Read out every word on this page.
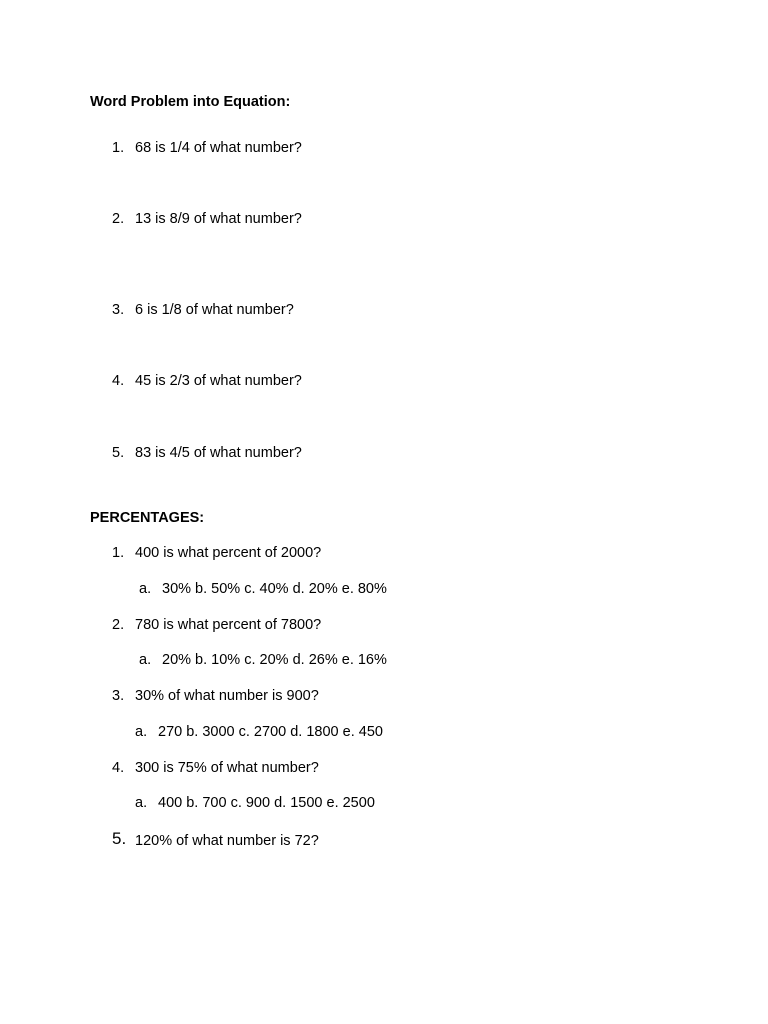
Word Problem into Equation:
1. 68 is 1/4 of what number?
2. 13 is 8/9 of what number?
3. 6 is 1/8 of what number?
4. 45 is 2/3 of what number?
5. 83 is 4/5 of what number?
PERCENTAGES:
1. 400 is what percent of 2000?
a. 30% b. 50% c. 40% d. 20% e. 80%
2. 780 is what percent of 7800?
a. 20% b. 10% c. 20% d. 26% e. 16%
3. 30% of what number is 900?
a. 270 b. 3000 c. 2700 d. 1800 e. 450
4. 300 is 75% of what number?
a. 400 b. 700 c. 900 d. 1500 e. 2500
5. 120% of what number is 72?
